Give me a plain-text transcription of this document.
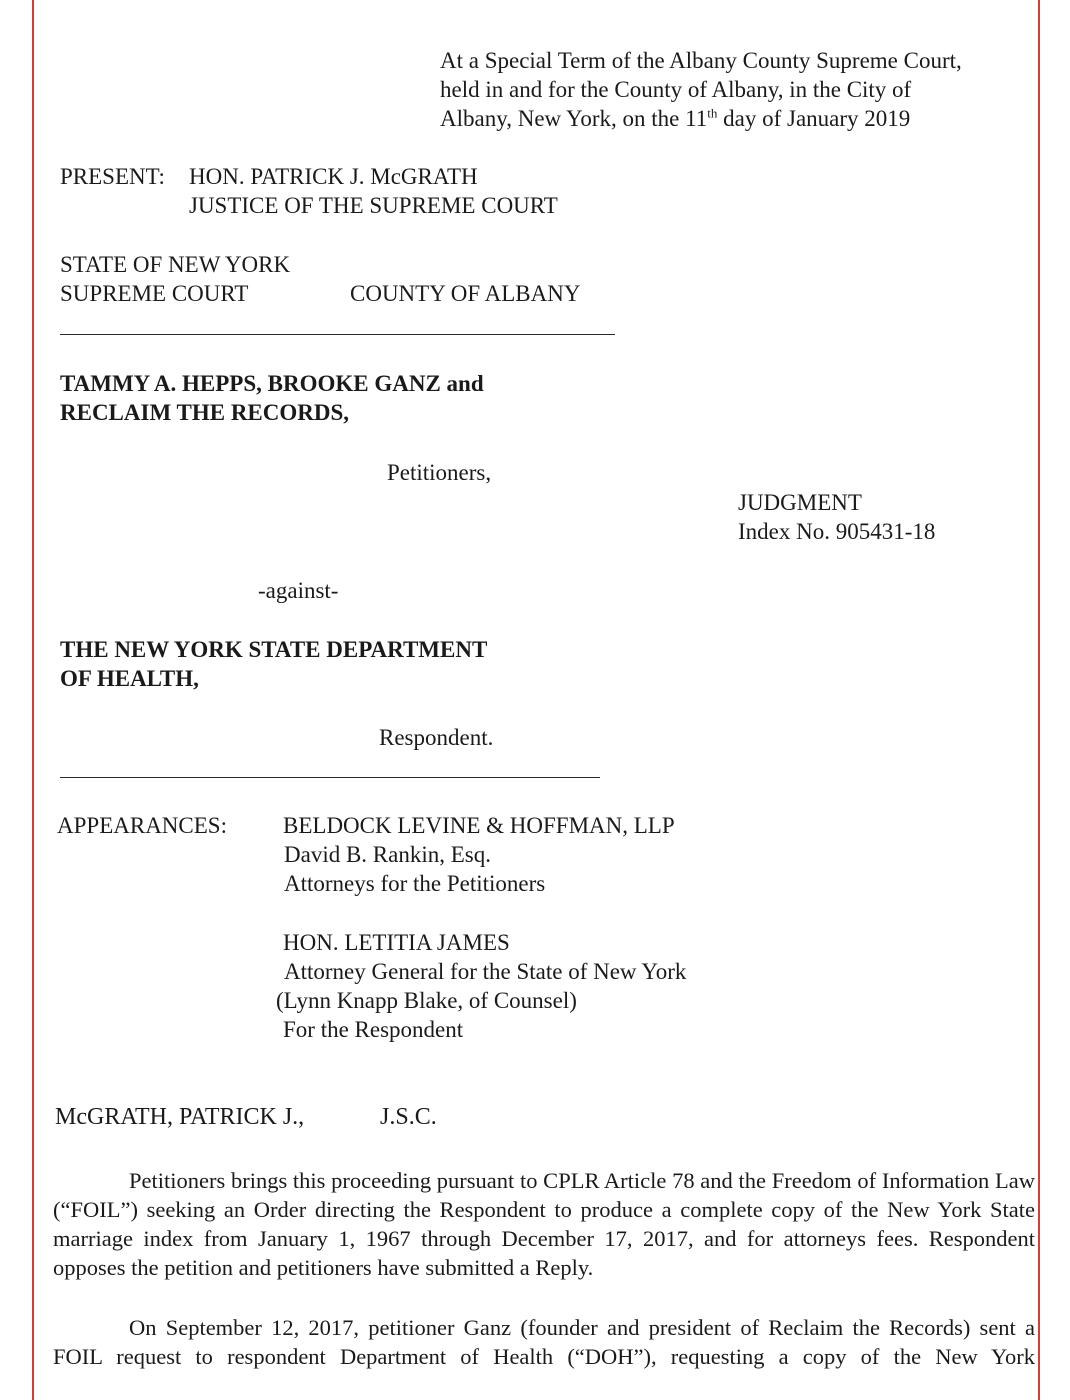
At a Special Term of the Albany County Supreme Court,
held in and for the County of Albany, in the City of
Albany, New York, on the 11th day of January 2019
PRESENT: HON. PATRICK J. McGRATH
JUSTICE OF THE SUPREME COURT
STATE OF NEW YORK
SUPREME COURT	COUNTY OF ALBANY
TAMMY A. HEPPS, BROOKE GANZ and
RECLAIM THE RECORDS,
Petitioners,
JUDGMENT
Index No. 905431-18
-against-
THE NEW YORK STATE DEPARTMENT
OF HEALTH,
Respondent.
APPEARANCES: BELDOCK LEVINE & HOFFMAN, LLP
David B. Rankin, Esq.
Attorneys for the Petitioners
HON. LETITIA JAMES
Attorney General for the State of New York
(Lynn Knapp Blake, of Counsel)
For the Respondent
McGRATH, PATRICK J.,	J.S.C.
Petitioners brings this proceeding pursuant to CPLR Article 78 and the Freedom of Information Law (“FOIL”) seeking an Order directing the Respondent to produce a complete copy of the New York State marriage index from January 1, 1967 through December 17, 2017, and for attorneys fees. Respondent opposes the petition and petitioners have submitted a Reply.
On September 12, 2017, petitioner Ganz (founder and president of Reclaim the Records) sent a FOIL request to respondent Department of Health (“DOH”), requesting a copy of the New York
